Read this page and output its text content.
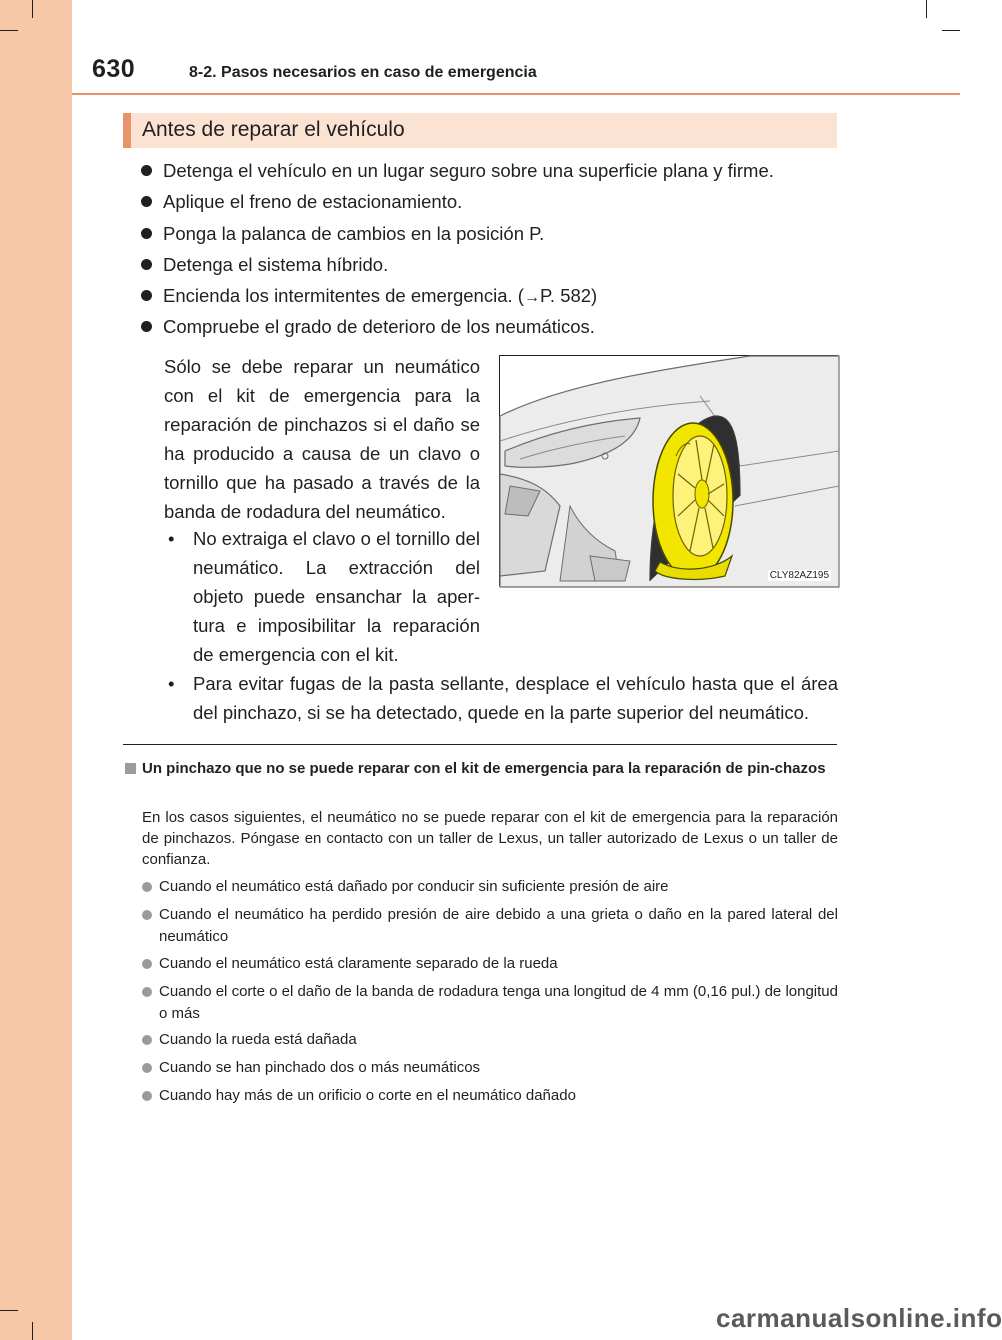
630	8-2. Pasos necesarios en caso de emergencia
Antes de reparar el vehículo
Detenga el vehículo en un lugar seguro sobre una superficie plana y firme.
Aplique el freno de estacionamiento.
Ponga la palanca de cambios en la posición P.
Detenga el sistema híbrido.
Encienda los intermitentes de emergencia. (→P. 582)
Compruebe el grado de deterioro de los neumáticos.
Sólo se debe reparar un neumático con el kit de emergencia para la reparación de pinchazos si el daño se ha producido a causa de un clavo o tornillo que ha pasado a través de la banda de rodadura del neumático.
• No extraiga el clavo o el tornillo del neumático. La extracción del objeto puede ensanchar la aper-tura e imposibilitar la reparación de emergencia con el kit.
• Para evitar fugas de la pasta sellante, desplace el vehículo hasta que el área del pinchazo, si se ha detectado, quede en la parte superior del neumático.
CLY82AZ195
Un pinchazo que no se puede reparar con el kit de emergencia para la reparación de pin-chazos
En los casos siguientes, el neumático no se puede reparar con el kit de emergencia para la reparación de pinchazos. Póngase en contacto con un taller de Lexus, un taller autorizado de Lexus o un taller de confianza.
Cuando el neumático está dañado por conducir sin suficiente presión de aire
Cuando el neumático ha perdido presión de aire debido a una grieta o daño en la pared lateral del neumático
Cuando el neumático está claramente separado de la rueda
Cuando el corte o el daño de la banda de rodadura tenga una longitud de 4 mm (0,16 pul.) de longitud o más
Cuando la rueda está dañada
Cuando se han pinchado dos o más neumáticos
Cuando hay más de un orificio o corte en el neumático dañado
carmanualsonline.info
